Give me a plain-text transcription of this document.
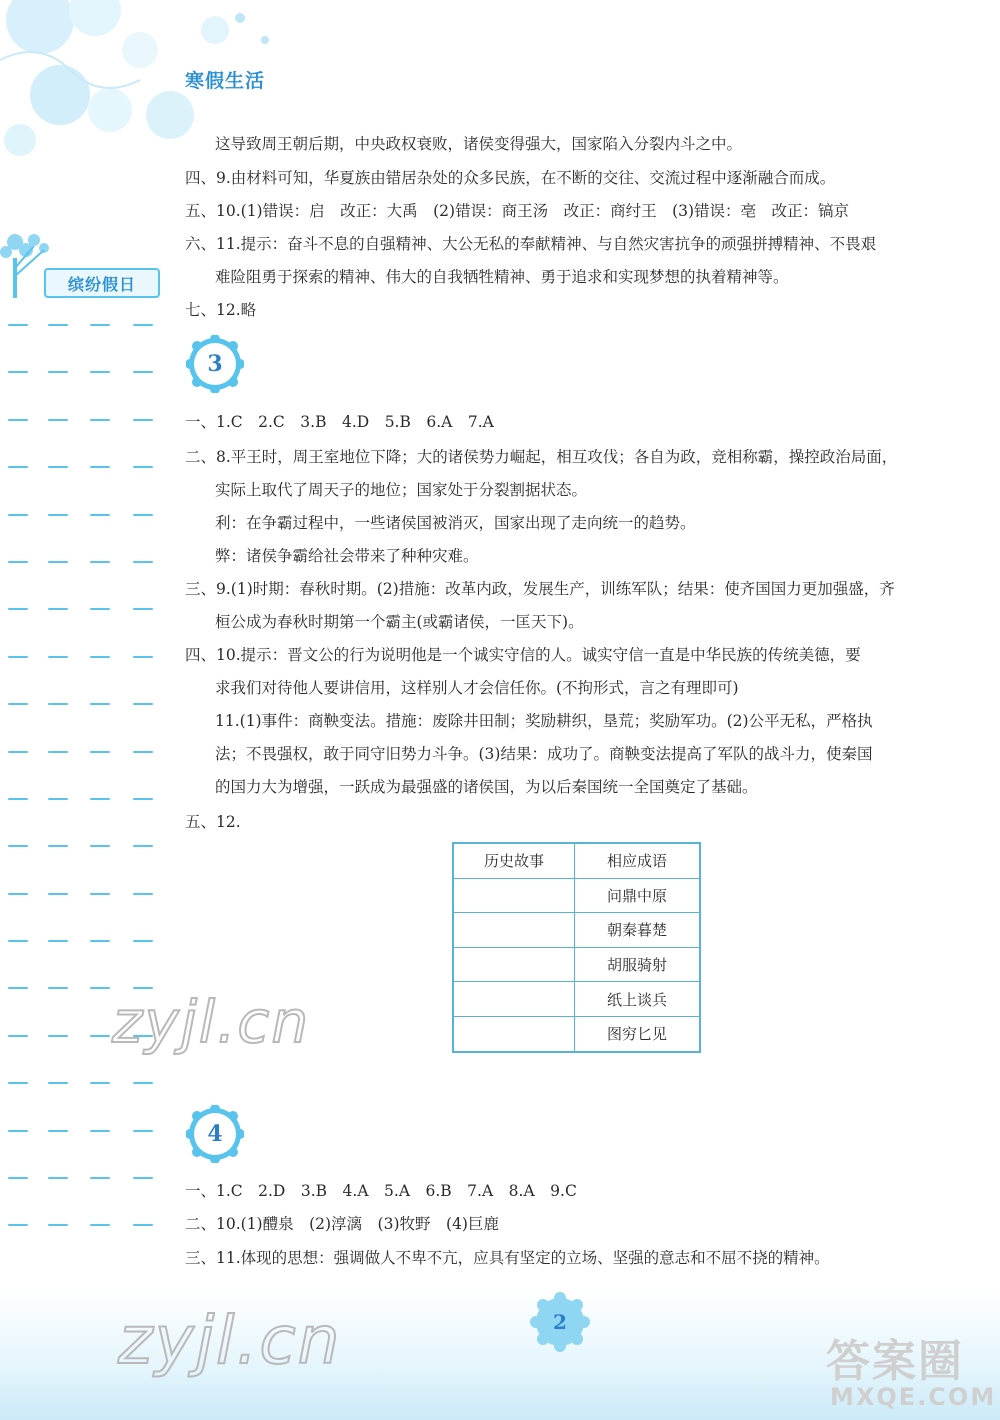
寒假生活
缤纷假日
这导致周王朝后期，中央政权衰败，诸侯变得强大，国家陷入分裂内斗之中。
四、9.由材料可知，华夏族由错居杂处的众多民族，在不断的交往、交流过程中逐渐融合而成。
五、10.(1)错误：启　改正：大禹　(2)错误：商王汤　改正：商纣王　(3)错误：亳　改正：镐京
六、11.提示：奋斗不息的自强精神、大公无私的奉献精神、与自然灾害抗争的顽强拼搏精神、不畏艰
难险阻勇于探索的精神、伟大的自我牺牲精神、勇于追求和实现梦想的执着精神等。
七、12.略
3
一、1.C　2.C　3.B　4.D　5.B　6.A　7.A
二、8.平王时，周王室地位下降；大的诸侯势力崛起，相互攻伐；各自为政，竞相称霸，操控政治局面，
实际上取代了周天子的地位；国家处于分裂割据状态。
利：在争霸过程中，一些诸侯国被消灭，国家出现了走向统一的趋势。
弊：诸侯争霸给社会带来了种种灾难。
三、9.(1)时期：春秋时期。(2)措施：改革内政，发展生产，训练军队；结果：使齐国国力更加强盛，齐
桓公成为春秋时期第一个霸主(或霸诸侯，一匡天下)。
四、10.提示：晋文公的行为说明他是一个诚实守信的人。诚实守信一直是中华民族的传统美德，要
求我们对待他人要讲信用，这样别人才会信任你。(不拘形式，言之有理即可)
11.(1)事件：商鞅变法。措施：废除井田制；奖励耕织，垦荒；奖励军功。(2)公平无私，严格执
法；不畏强权，敢于同守旧势力斗争。(3)结果：成功了。商鞅变法提高了军队的战斗力，使秦国
的国力大为增强，一跃成为最强盛的诸侯国，为以后秦国统一全国奠定了基础。
五、12.
历史故事	相应成语
	问鼎中原
	朝秦暮楚
	胡服骑射
	纸上谈兵
	图穷匕见
zyjl.cn
4
一、1.C　2.D　3.B　4.A　5.A　6.B　7.A　8.A　9.C
二、10.(1)醴泉　(2)淳漓　(3)牧野　(4)巨鹿
三、11.体现的思想：强调做人不卑不亢，应具有坚定的立场、坚强的意志和不屈不挠的精神。
zyjl.cn	2
答案圈
MXQE.COM
